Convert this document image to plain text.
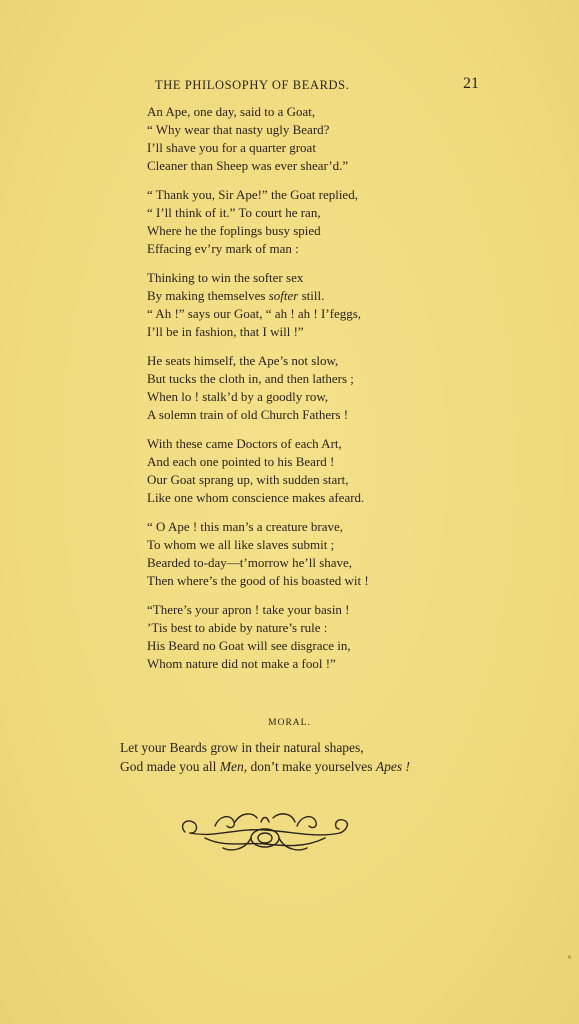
THE PHILOSOPHY OF BEARDS.	21
An Ape, one day, said to a Goat,
“ Why wear that nasty ugly Beard?
I’ll shave you for a quarter groat
Cleaner than Sheep was ever shear’d.”
“ Thank you, Sir Ape!” the Goat replied,
“ I’ll think of it.” To court he ran,
Where he the foplings busy spied
Effacing ev’ry mark of man :
Thinking to win the softer sex
By making themselves softer still.
“ Ah !” says our Goat, “ ah ! ah ! I’feggs,
I’ll be in fashion, that I will !”
He seats himself, the Ape’s not slow,
But tucks the cloth in, and then lathers ;
When lo ! stalk’d by a goodly row,
A solemn train of old Church Fathers !
With these came Doctors of each Art,
And each one pointed to his Beard !
Our Goat sprang up, with sudden start,
Like one whom conscience makes afeard.
“ O Ape ! this man’s a creature brave,
To whom we all like slaves submit ;
Bearded to-day—t’morrow he’ll shave,
Then where’s the good of his boasted wit !
“There’s your apron ! take your basin !
’Tis best to abide by nature’s rule :
His Beard no Goat will see disgrace in,
Whom nature did not make a fool !”
MORAL.
Let your Beards grow in their natural shapes,
God made you all Men, don’t make yourselves Apes !
